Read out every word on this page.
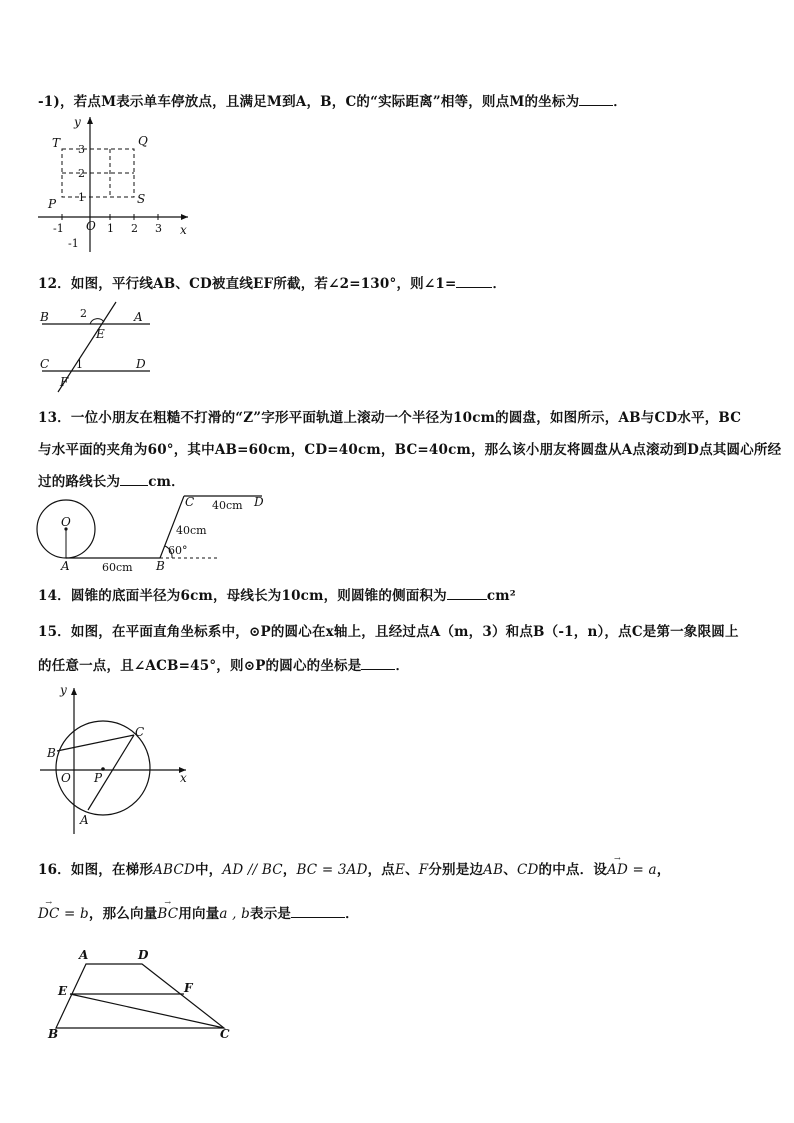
-1)，若点M表示单车停放点，且满足M到A，B，C的“实际距离”相等，则点M的坐标为	．
T	Q
P	S
x
y
O
-1	1 2 3
3
2
1
-1
12．如图，平行线AB、CD被直线EF所截，若∠2=130°，则∠1=	．
B	A
C	D
E
F
1
2
13．一位小朋友在粗糙不打滑的“Z”字形平面轨道上滚动一个半径为10cm的圆盘，如图所示，AB与CD水平，BC
与水平面的夹角为60°，其中AB=60cm，CD=40cm，BC=40cm，那么该小朋友将圆盘从A点滚动到D点其圆心所经
过的路线长为 cm．
O
A	B
C	D
60cm
40cm
40cm
60°
14．圆锥的底面半径为6cm，母线长为10cm，则圆锥的侧面积为	cm²
15．如图，在平面直角坐标系中，⊙P的圆心在x轴上，且经过点A（m，3）和点B（-1，n），点C是第一象限圆上
的任意一点，且∠ACB=45°，则⊙P的圆心的坐标是	．
x
y
O P
B
C
A
16．如图，在梯形ABCD中，AD // BC，BC = 3AD，点E、F分别是边AB、CD的中点．设
→
AD = a，
→
DC = b，那么向量
→
BC用向量a , b表示是	．
A	D
E	F
B	C
